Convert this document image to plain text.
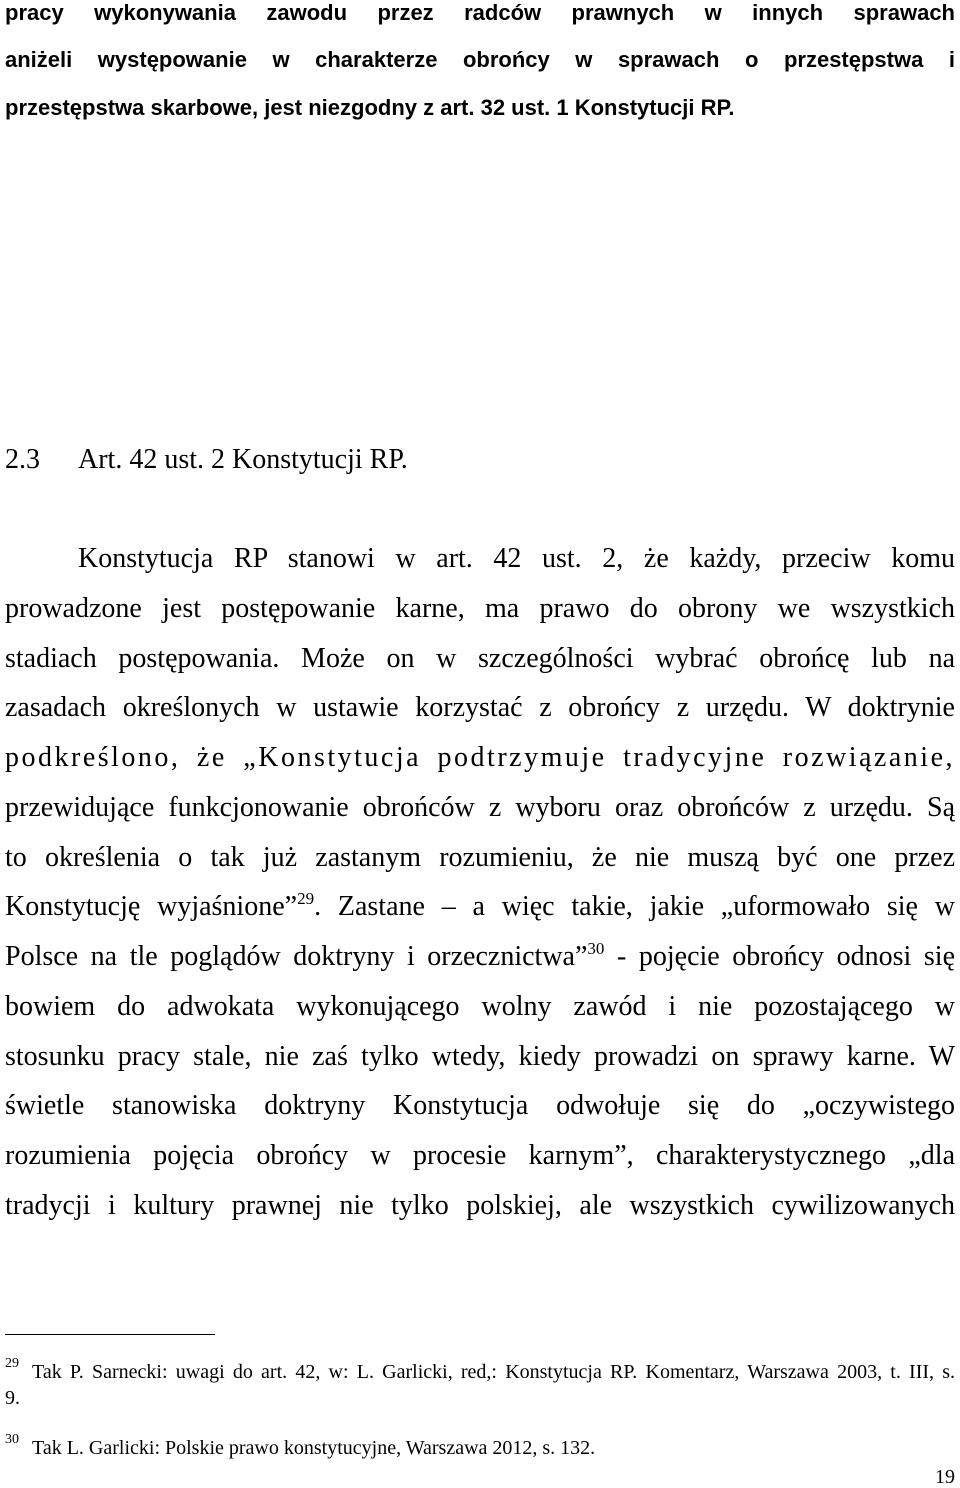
pracy wykonywania zawodu przez radców prawnych w innych sprawach
aniżeli występowanie w charakterze obrońcy w sprawach o przestępstwa i
przestępstwa skarbowe, jest niezgodny z art. 32 ust. 1 Konstytucji RP.
2.3 Art. 42 ust. 2 Konstytucji RP.
Konstytucja RP stanowi w art. 42 ust. 2, że każdy, przeciw komu
prowadzone jest postępowanie karne, ma prawo do obrony we wszystkich
stadiach postępowania. Może on w szczególności wybrać obrońcę lub na
zasadach określonych w ustawie korzystać z obrońcy z urzędu. W doktrynie
podkreślono, że „Konstytucja podtrzymuje tradycyjne rozwiązanie,
przewidujące funkcjonowanie obrońców z wyboru oraz obrońców z urzędu. Są
to określenia o tak już zastanym rozumieniu, że nie muszą być one przez
Konstytucję wyjaśnione”$^{29}$. Zastane – a więc takie, jakie „uformowało się w
Polsce na tle poglądów doktryny i orzecznictwa”$^{30}$ - pojęcie obrońcy odnosi się
bowiem do adwokata wykonującego wolny zawód i nie pozostającego w
stosunku pracy stale, nie zaś tylko wtedy, kiedy prowadzi on sprawy karne. W
świetle stanowiska doktryny Konstytucja odwołuje się do „oczywistego
rozumienia pojęcia obrońcy w procesie karnym”, charakterystycznego „dla
tradycji i kultury prawnej nie tylko polskiej, ale wszystkich cywilizowanych
29 Tak P. Sarnecki: uwagi do art. 42, w: L. Garlicki, red,: Konstytucja RP. Komentarz, Warszawa 2003, t. III, s.
9.
30 Tak L. Garlicki: Polskie prawo konstytucyjne, Warszawa 2012, s. 132.
19
